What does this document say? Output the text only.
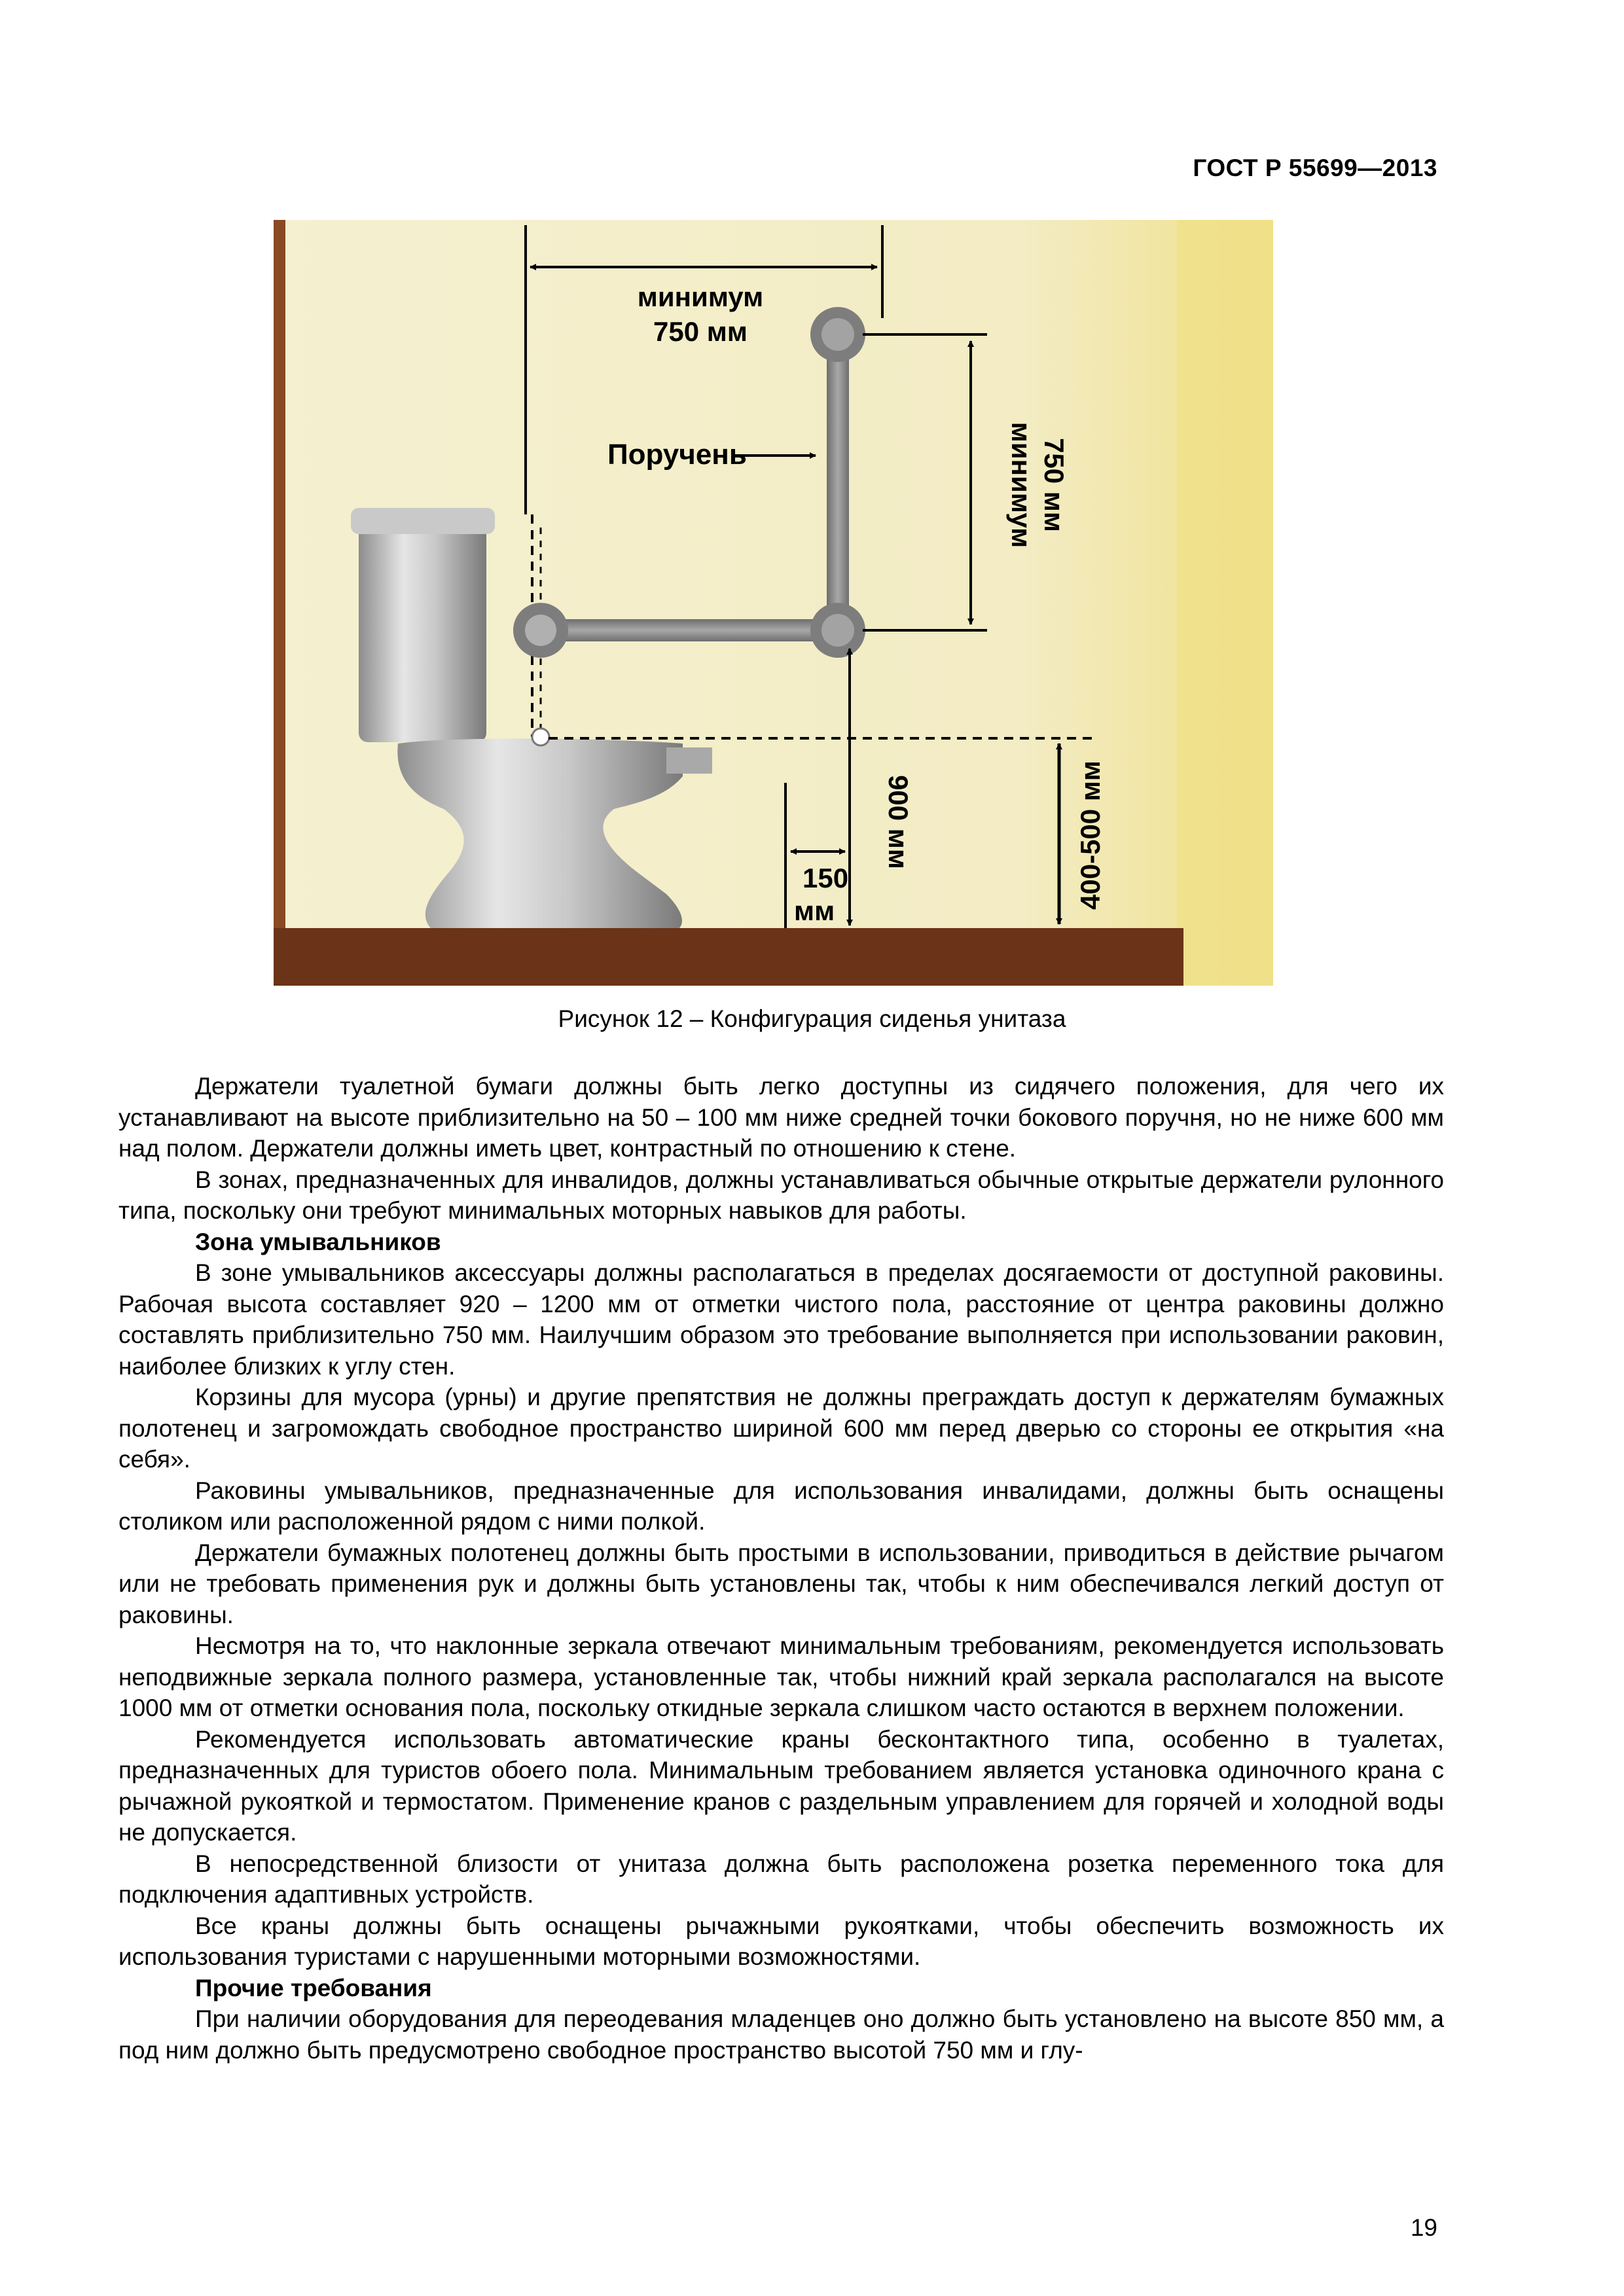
ГОСТ Р 55699—2013
минимум
750 мм
Поручень	минимум 750 мм
900 мм
150
мм
400-500 мм
Рисунок 12 – Конфигурация сиденья унитаза

Держатели туалетной бумаги должны быть легко доступны из сидячего положения, для чего их устанавливают на высоте приблизительно на 50 – 100 мм ниже средней точки бокового поручня, но не ниже 600 мм над полом. Держатели должны иметь цвет, контрастный по отношению к стене.

В зонах, предназначенных для инвалидов, должны устанавливаться обычные открытые держатели рулонного типа, поскольку они требуют минимальных моторных навыков для работы.

Зона умывальников

В зоне умывальников аксессуары должны располагаться в пределах досягаемости от доступной раковины. Рабочая высота составляет 920 – 1200 мм от отметки чистого пола, расстояние от центра раковины должно составлять приблизительно 750 мм. Наилучшим образом это требование выполняется при использовании раковин, наиболее близких к углу стен.

Корзины для мусора (урны) и другие препятствия не должны преграждать доступ к держателям бумажных полотенец и загромождать свободное пространство шириной 600 мм перед дверью со стороны ее открытия «на себя».

Раковины умывальников, предназначенные для использования инвалидами, должны быть оснащены столиком или расположенной рядом с ними полкой.

Держатели бумажных полотенец должны быть простыми в использовании, приводиться в действие рычагом или не требовать применения рук и должны быть установлены так, чтобы к ним обеспечивался легкий доступ от раковины.

Несмотря на то, что наклонные зеркала отвечают минимальным требованиям, рекомендуется использовать неподвижные зеркала полного размера, установленные так, чтобы нижний край зеркала располагался на высоте 1000 мм от отметки основания пола, поскольку откидные зеркала слишком часто остаются в верхнем положении.

Рекомендуется использовать автоматические краны бесконтактного типа, особенно в туалетах, предназначенных для туристов обоего пола. Минимальным требованием является установка одиночного крана с рычажной рукояткой и термостатом. Применение кранов с раздельным управлением для горячей и холодной воды не допускается.

В непосредственной близости от унитаза должна быть расположена розетка переменного тока для подключения адаптивных устройств.

Все краны должны быть оснащены рычажными рукоятками, чтобы обеспечить возможность их использования туристами с нарушенными моторными возможностями.

Прочие требования

При наличии оборудования для переодевания младенцев оно должно быть установлено на высоте 850 мм, а под ним должно быть предусмотрено свободное пространство высотой 750 мм и глу-

19
